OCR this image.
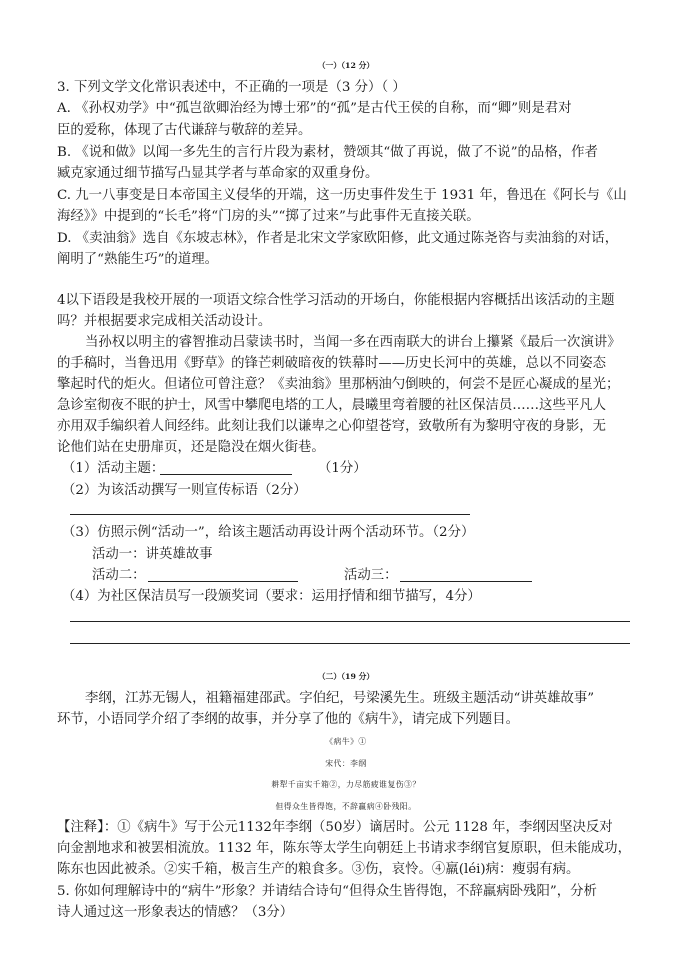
（一）（12 分）
3. 下列文学文化常识表述中，不正确的一项是（3 分）（ ）
A. 《孙权劝学》中“孤岂欲卿治经为博士邪”的“孤”是古代王侯的自称，而“卿”则是君对
臣的爱称，体现了古代谦辞与敬辞的差异。
B. 《说和做》以闻一多先生的言行片段为素材，赞颂其“做了再说，做了不说”的品格，作者
臧克家通过细节描写凸显其学者与革命家的双重身份。
C. 九一八事变是日本帝国主义侵华的开端，这一历史事件发生于 1931 年，鲁迅在《阿长与《山
海经》》中提到的“长毛”将“门房的头”“掷了过来”与此事件无直接关联。
D. 《卖油翁》选自《东坡志林》，作者是北宋文学家欧阳修，此文通过陈尧咨与卖油翁的对话，
阐明了“熟能生巧”的道理。
4以下语段是我校开展的一项语文综合性学习活动的开场白，你能根据内容概括出该活动的主题
吗？并根据要求完成相关活动设计。
当孙权以明主的睿智推动吕蒙读书时，当闻一多在西南联大的讲台上攥紧《最后一次演讲》
的手稿时，当鲁迅用《野草》的锋芒刺破暗夜的铁幕时——历史长河中的英雄，总以不同姿态
擎起时代的炬火。但诸位可曾注意？《卖油翁》里那柄油勺倒映的，何尝不是匠心凝成的星光；
急诊室彻夜不眠的护士，风雪中攀爬电塔的工人，晨曦里弯着腰的社区保洁员……这些平凡人
亦用双手编织着人间经纬。此刻让我们以谦卑之心仰望苍穹，致敬所有为黎明守夜的身影，无
论他们站在史册扉页，还是隐没在烟火街巷。
（1）活动主题：	（1分）
（2）为该活动撰写一则宣传标语（2分）
（3）仿照示例“活动一”，给该主题活动再设计两个活动环节。（2分）
活动一：讲英雄故事
活动二：	活动三：
（4）为社区保洁员写一段颁奖词（要求：运用抒情和细节描写，4分）
（二）（19 分）
李纲，江苏无锡人，祖籍福建邵武。字伯纪，号梁溪先生。班级主题活动“讲英雄故事”
环节，小语同学介绍了李纲的故事，并分享了他的《病牛》，请完成下列题目。
《病牛》①
宋代：李纲
耕犁千亩实千箱②，力尽筋疲谁复伤③？
但得众生皆得饱，不辞羸病④卧残阳。
【注释】：①《病牛》写于公元1132年李纲（50岁）谪居时。公元 1128 年，李纲因坚决反对
向金割地求和被罢相流放。1132 年，陈东等太学生向朝廷上书请求李纲官复原职，但未能成功，
陈东也因此被杀。②实千箱，极言生产的粮食多。③伤，哀怜。④羸(léi)病：瘦弱有病。
5. 你如何理解诗中的“病牛”形象？并请结合诗句“但得众生皆得饱，不辞羸病卧残阳”，分析
诗人通过这一形象表达的情感？（3分）
